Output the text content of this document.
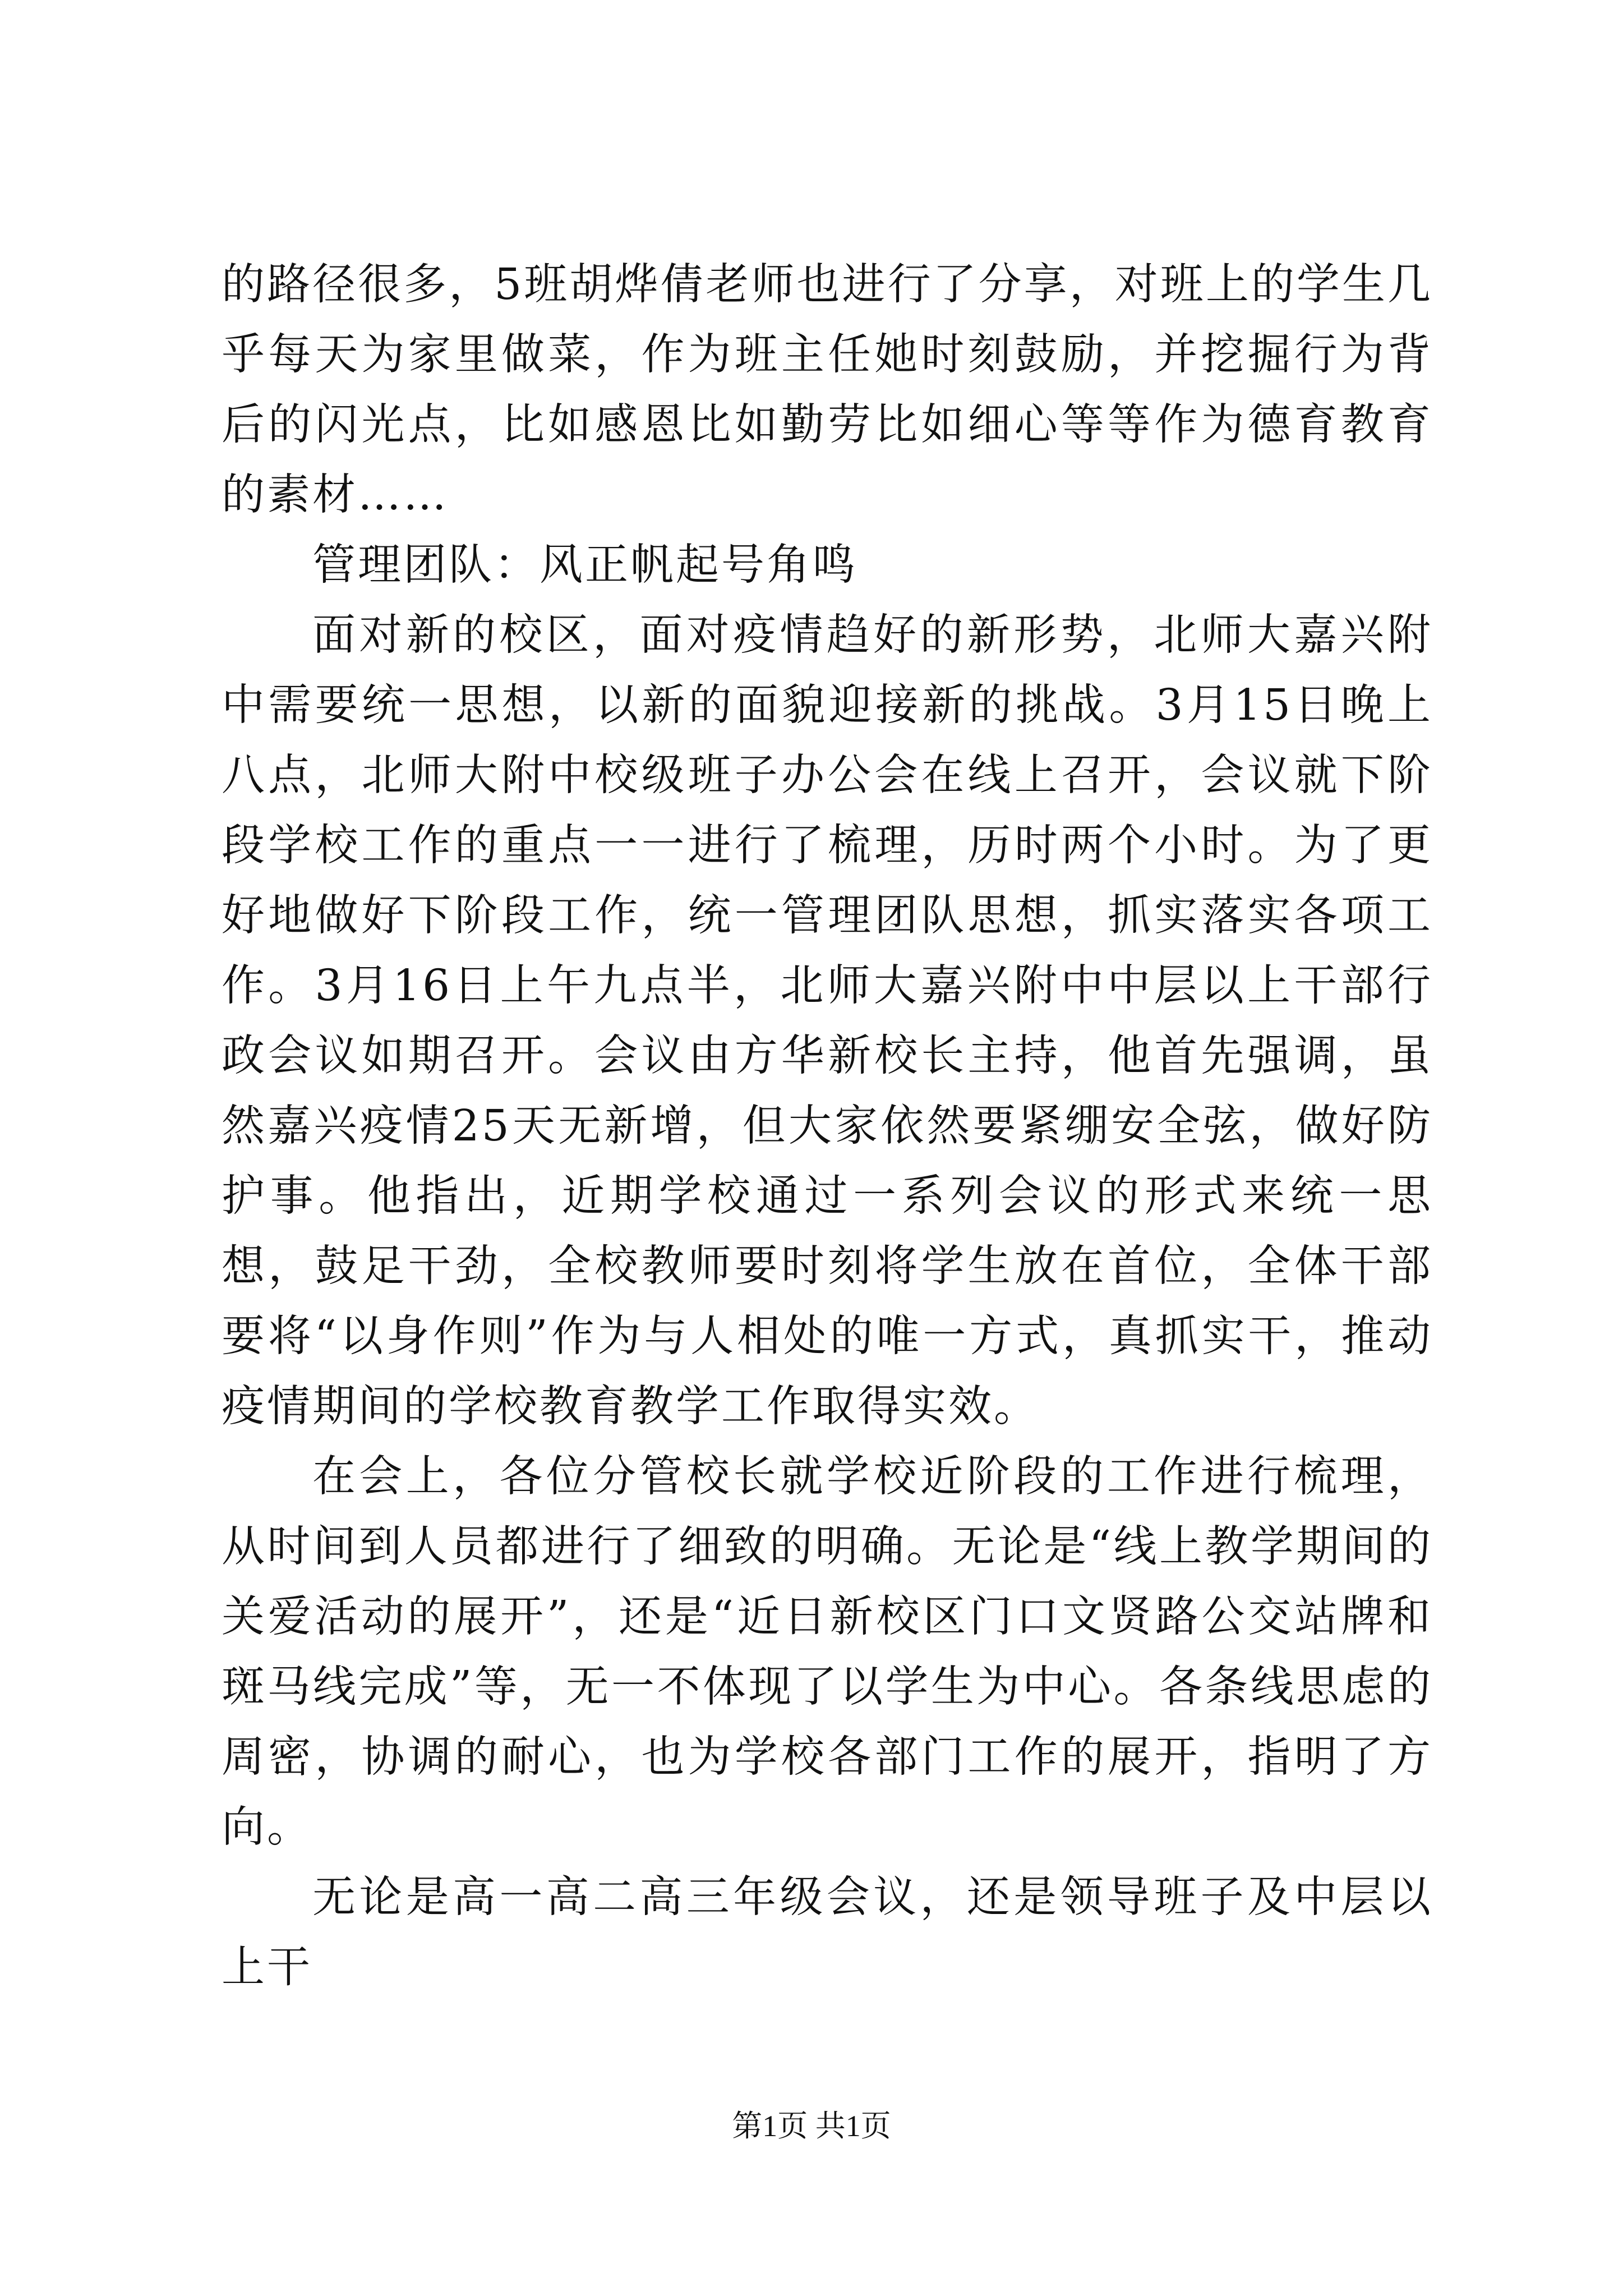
的路径很多，5班胡烨倩老师也进行了分享，对班上的学生几乎每天为家里做菜，作为班主任她时刻鼓励，并挖掘行为背后的闪光点，比如感恩比如勤劳比如细心等等作为德育教育的素材……

管理团队：风正帆起号角鸣

面对新的校区，面对疫情趋好的新形势，北师大嘉兴附中需要统一思想，以新的面貌迎接新的挑战。3月15日晚上八点，北师大附中校级班子办公会在线上召开，会议就下阶段学校工作的重点一一进行了梳理，历时两个小时。为了更好地做好下阶段工作，统一管理团队思想，抓实落实各项工作。3月16日上午九点半，北师大嘉兴附中中层以上干部行政会议如期召开。会议由方华新校长主持，他首先强调，虽然嘉兴疫情25天无新增，但大家依然要紧绷安全弦，做好防护事。他指出，近期学校通过一系列会议的形式来统一思想，鼓足干劲，全校教师要时刻将学生放在首位，全体干部要将“以身作则”作为与人相处的唯一方式，真抓实干，推动疫情期间的学校教育教学工作取得实效。

在会上，各位分管校长就学校近阶段的工作进行梳理，从时间到人员都进行了细致的明确。无论是“线上教学期间的关爱活动的展开”，还是“近日新校区门口文贤路公交站牌和斑马线完成”等，无一不体现了以学生为中心。各条线思虑的周密，协调的耐心，也为学校各部门工作的展开，指明了方向。

无论是高一高二高三年级会议，还是领导班子及中层以上干

第1页 共1页
